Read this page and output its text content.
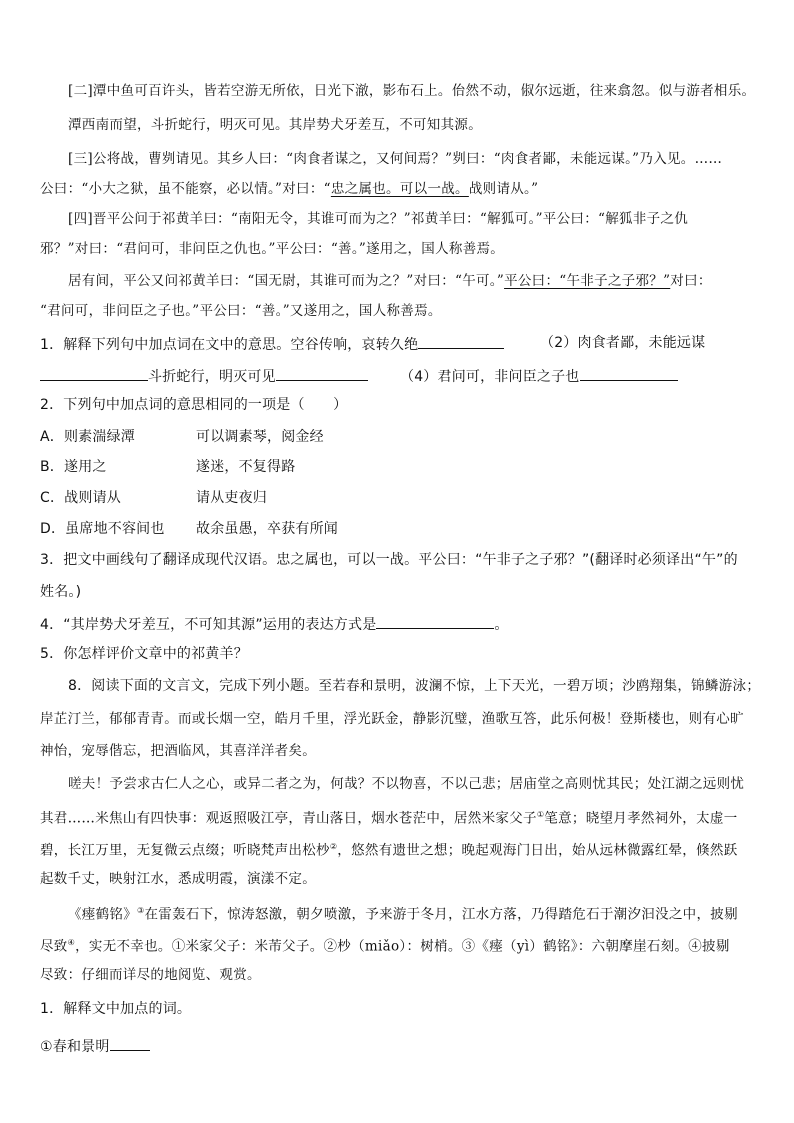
[二]潭中鱼可百许头，皆若空游无所依，日光下澈，影布石上。佁然不动，俶尔远逝，往来翕忽。似与游者相乐。
潭西南而望，斗折蛇行，明灭可见。其岸势犬牙差互，不可知其源。
[三]公将战，曹刿请见。其乡人曰：“肉食者谋之，又何间焉？”刿曰：“肉食者鄙，未能远谋。”乃入见。……
公曰：“小大之狱，虽不能察，必以情。”对曰：“忠之属也。可以一战。战则请从。”
[四]晋平公问于祁黄羊曰：“南阳无令，其谁可而为之？”祁黄羊曰：“解狐可。”平公曰：“解狐非子之仇
邪？”对曰：“君问可，非问臣之仇也。”平公曰：“善。”遂用之，国人称善焉。
居有间，平公又问祁黄羊曰：“国无尉，其谁可而为之？”对曰：“午可。”平公曰：“午非子之子邪？”对曰：
“君问可，非问臣之子也。”平公曰：“善。”又遂用之，国人称善焉。
1．解释下列句中加点词在文中的意思。空谷传响，哀转久绝	（2）肉食者鄙，未能远谋
斗折蛇行，明灭可见	（4）君问可，非问臣之子也
2．下列句中加点词的意思相同的一项是（　　）
A．则素湍绿潭	可以调素琴，阅金经
B．遂用之	遂迷，不复得路
C．战则请从	请从吏夜归
D．虽席地不容间也 故余虽愚，卒获有所闻
3．把文中画线句了翻译成现代汉语。忠之属也，可以一战。平公曰：“午非子之子邪？”(翻译时必须译出“午”的
姓名。)
4．“其岸势犬牙差互，不可知其源”运用的表达方式是	。
5．你怎样评价文章中的祁黄羊？
8．阅读下面的文言文，完成下列小题。至若春和景明，波澜不惊，上下天光，一碧万顷；沙鸥翔集，锦鳞游泳；
岸芷汀兰，郁郁青青。而或长烟一空，皓月千里，浮光跃金，静影沉璧，渔歌互答，此乐何极！登斯楼也，则有心旷
神怡，宠辱偕忘，把酒临风，其喜洋洋者矣。
嗟夫！予尝求古仁人之心，或异二者之为，何哉？不以物喜，不以己悲；居庙堂之高则忧其民；处江湖之远则忧
其君……米焦山有四快事：观返照吸江亭，青山落日，烟水苍茫中，居然米家父子①笔意；晓望月孝然祠外，太虚一
碧，长江万里，无复微云点缀；听晓梵声出松杪②，悠然有遗世之想；晚起观海门日出，始从远林微露红晕，倏然跃
起数千丈，映射江水，悉成明霞，演漾不定。
《瘗鹤铭》③在雷轰石下，惊涛怒激，朝夕喷激，予来游于冬月，江水方落，乃得踏危石于潮汐汩没之中，披剔
尽致④，实无不幸也。①米家父子：米芾父子。②杪（miǎo）：树梢。③《瘗（yì）鹤铭》：六朝摩崖石刻。④披剔
尽致：仔细而详尽的地阅览、观赏。
1．解释文中加点的词。
①春和景明
